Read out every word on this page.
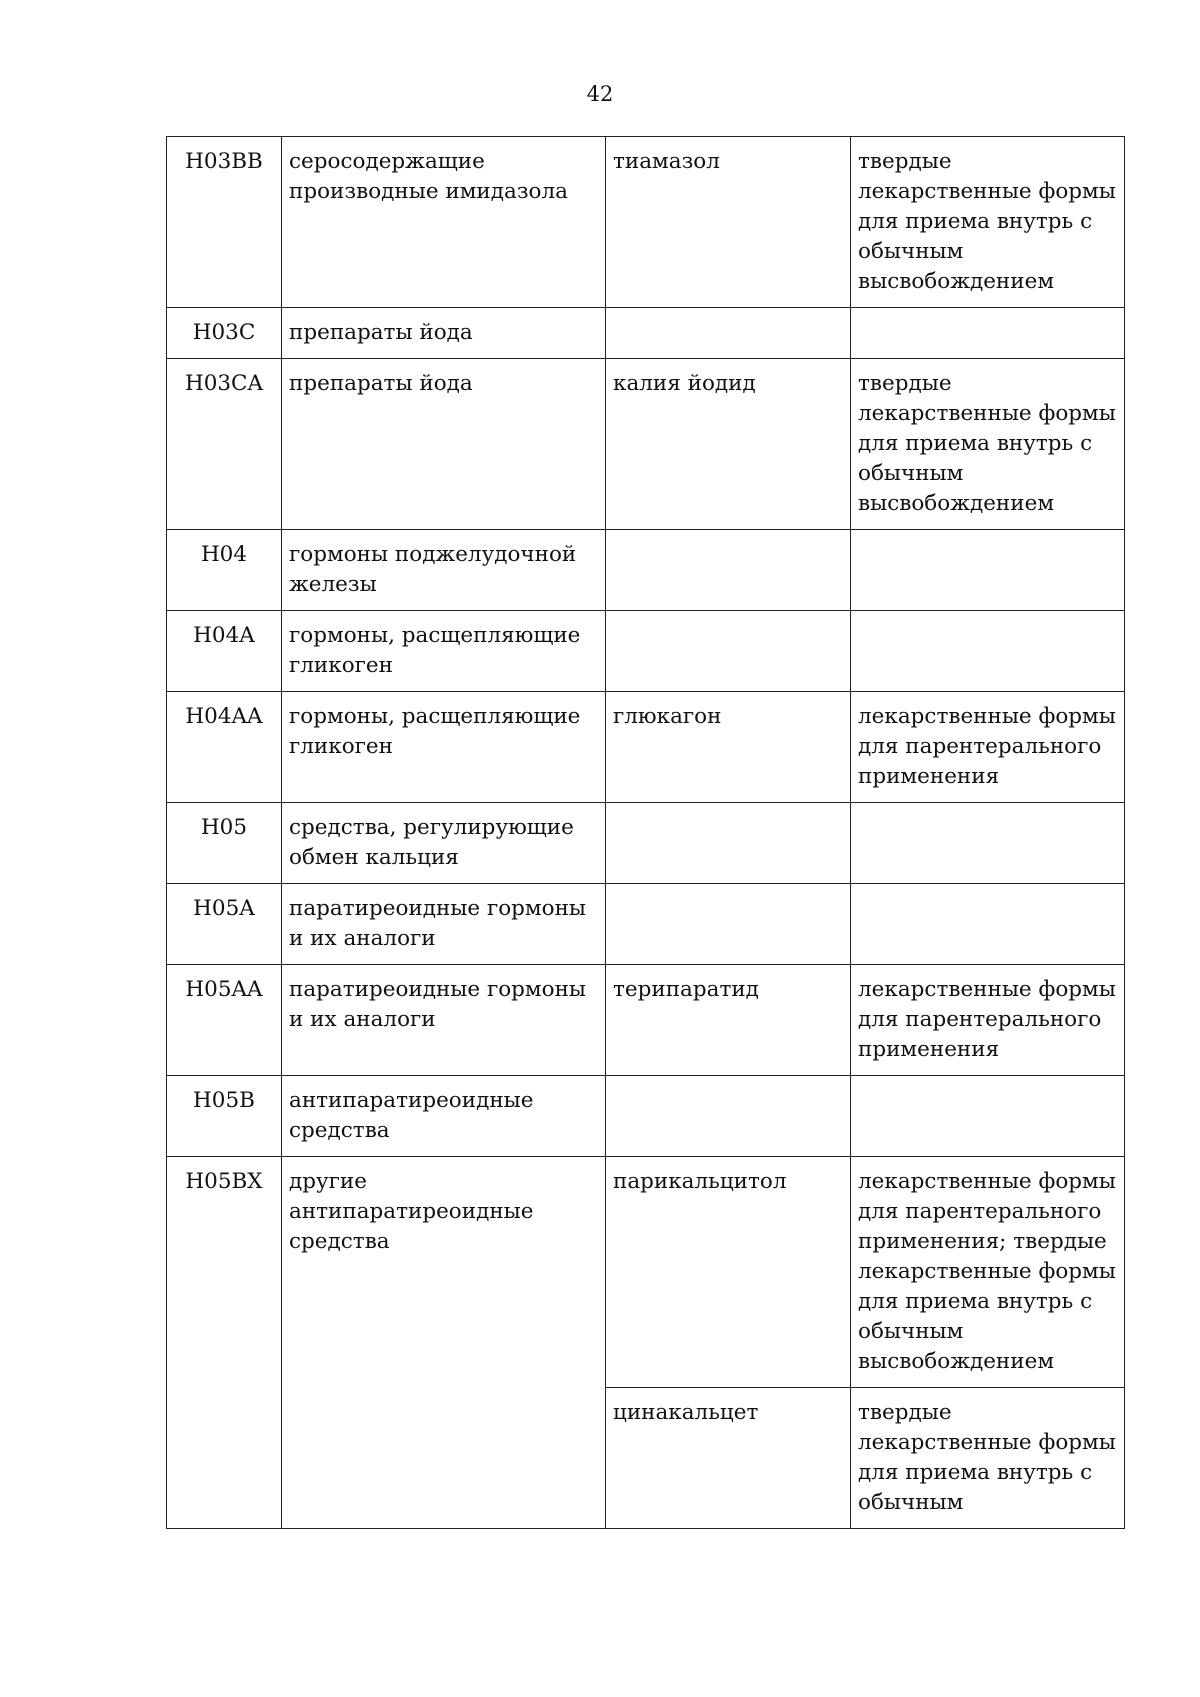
42
H03BB	серосодержащие производные имидазола	тиамазол	твердые лекарственные формы для приема внутрь с обычным высвобождением
H03C	препараты йода		
H03CA	препараты йода	калия йодид	твердые лекарственные формы для приема внутрь с обычным высвобождением
H04	гормоны поджелудочной железы		
H04A	гормоны, расщепляющие гликоген		
H04AA	гормоны, расщепляющие гликоген	глюкагон	лекарственные формы для парентерального применения
H05	средства, регулирующие обмен кальция		
H05A	паратиреоидные гормоны и их аналоги		
H05AA	паратиреоидные гормоны и их аналоги	терипаратид	лекарственные формы для парентерального применения
H05B	антипаратиреоидные средства		
H05BX	другие антипаратиреоидные средства	парикальцитол	лекарственные формы для парентерального применения; твердые лекарственные формы для приема внутрь с обычным высвобождением
		цинакальцет	твердые лекарственные формы для приема внутрь с обычным
